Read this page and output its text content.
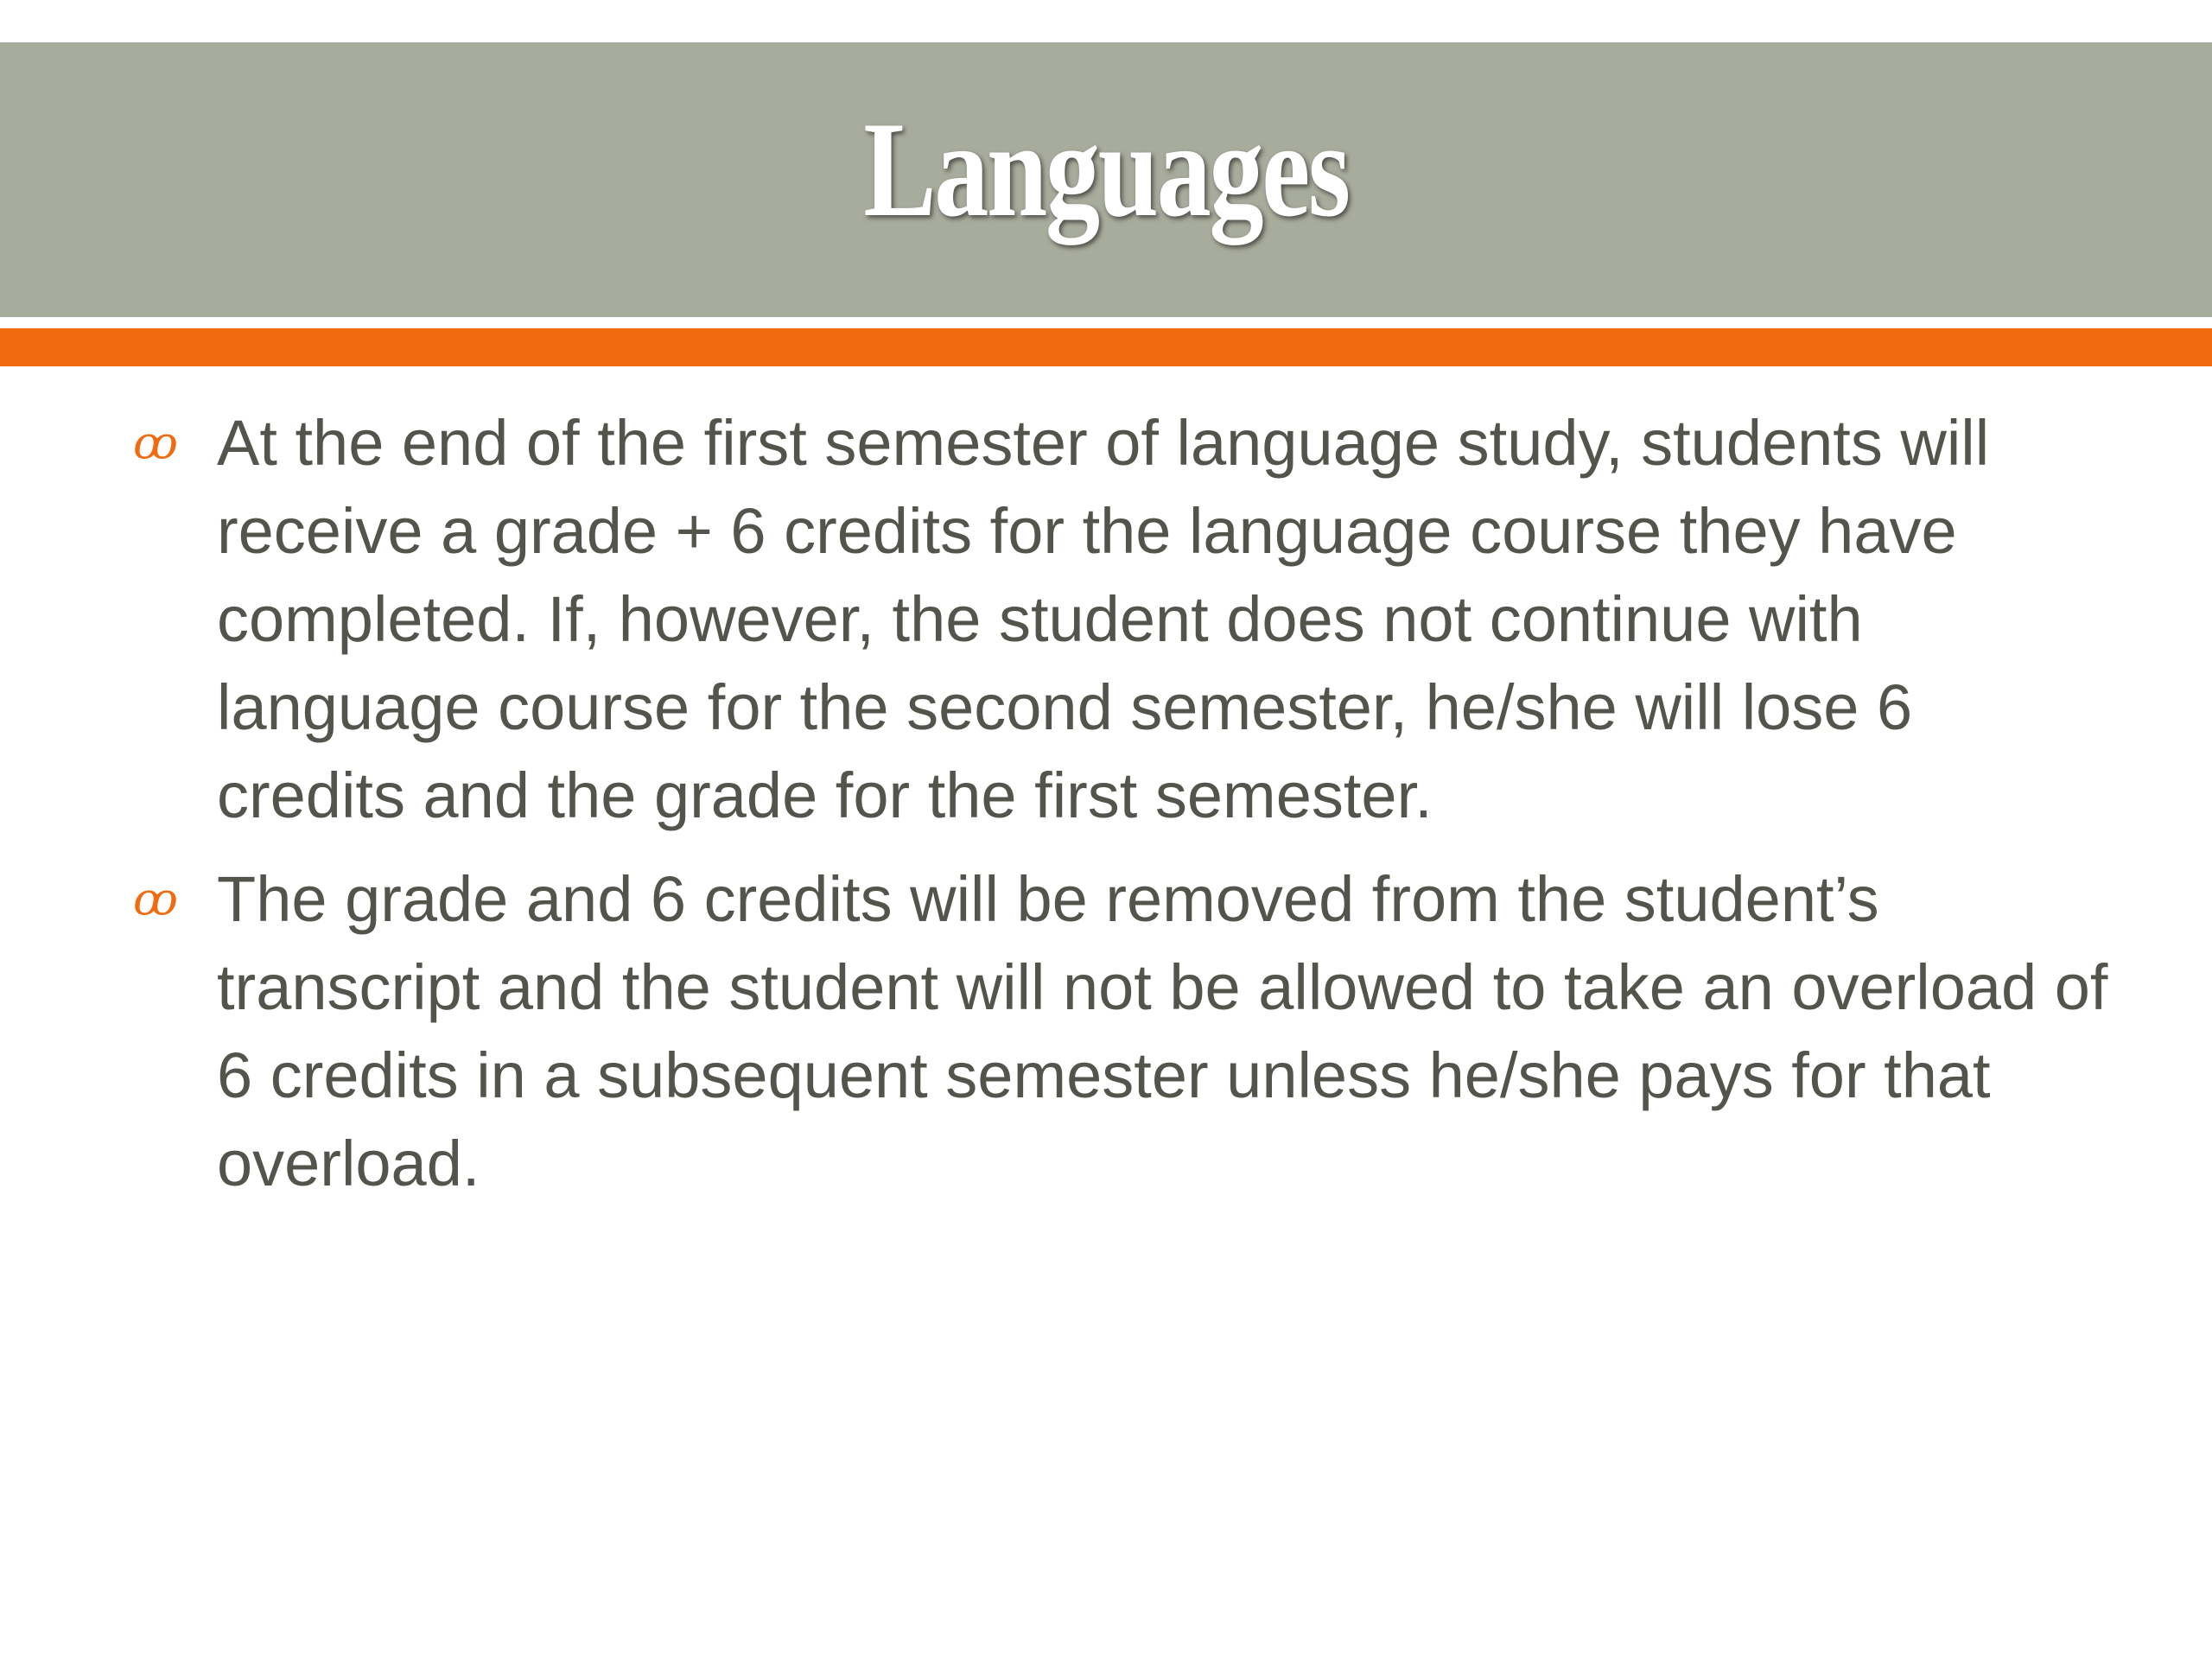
Languages
ꝏ At the end of the first semester of language study, students will receive a grade + 6 credits for the language course they have completed. If, however, the student does not continue with language course for the second semester, he/she will lose 6 credits and the grade for the first semester.
ꝏ The grade and 6 credits will be removed from the student’s transcript and the student will not be allowed to take an overload of 6 credits in a subsequent semester unless he/she pays for that overload.
